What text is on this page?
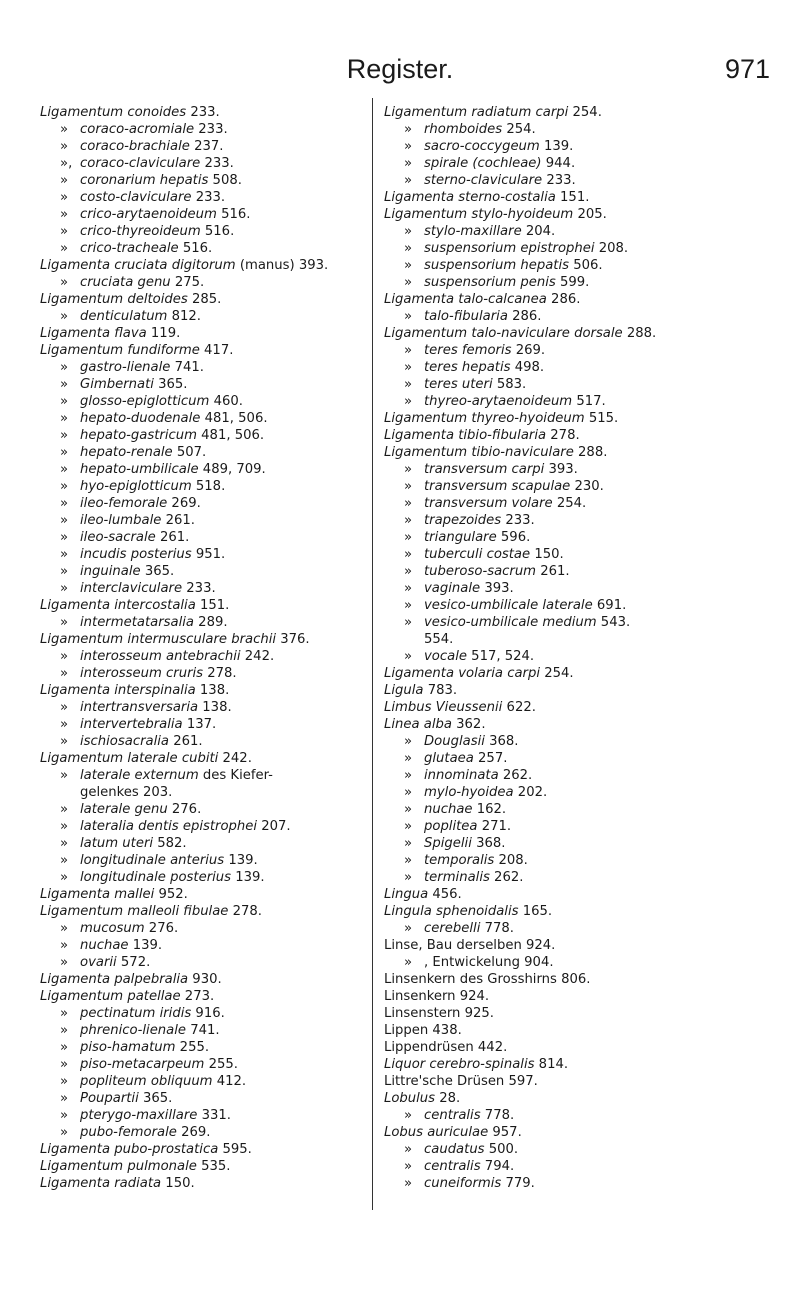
Register.	971
Ligamentum conoides 233.
» coraco-acromiale 233.
» coraco-brachiale 237.
», coraco-claviculare 233.
» coronarium hepatis 508.
» costo-claviculare 233.
» crico-arytaenoideum 516.
» crico-thyreoideum 516.
» crico-tracheale 516.
Ligamenta cruciata digitorum (manus) 393.
» cruciata genu 275.
Ligamentum deltoides 285.
» denticulatum 812.
Ligamenta flava 119.
Ligamentum fundiforme 417.
» gastro-lienale 741.
» Gimbernati 365.
» glosso-epiglotticum 460.
» hepato-duodenale 481, 506.
» hepato-gastricum 481, 506.
» hepato-renale 507.
» hepato-umbilicale 489, 709.
» hyo-epiglotticum 518.
» ileo-femorale 269.
» ileo-lumbale 261.
» ileo-sacrale 261.
» incudis posterius 951.
» inguinale 365.
» interclaviculare 233.
Ligamenta intercostalia 151.
» intermetatarsalia 289.
Ligamentum intermusculare brachii 376.
» interosseum antebrachii 242.
» interosseum cruris 278.
Ligamenta interspinalia 138.
» intertransversaria 138.
» intervertebralia 137.
» ischiosacralia 261.
Ligamentum laterale cubiti 242.
» laterale externum des Kiefer-
gelenkes 203.
» laterale genu 276.
» lateralia dentis epistrophei 207.
» latum uteri 582.
» longitudinale anterius 139.
» longitudinale posterius 139.
Ligamenta mallei 952.
Ligamentum malleoli fibulae 278.
» mucosum 276.
» nuchae 139.
» ovarii 572.
Ligamenta palpebralia 930.
Ligamentum patellae 273.
» pectinatum iridis 916.
» phrenico-lienale 741.
» piso-hamatum 255.
» piso-metacarpeum 255.
» popliteum obliquum 412.
» Poupartii 365.
» pterygo-maxillare 331.
» pubo-femorale 269.
Ligamenta pubo-prostatica 595.
Ligamentum pulmonale 535.
Ligamenta radiata 150.
Ligamentum radiatum carpi 254.
» rhomboides 254.
» sacro-coccygeum 139.
» spirale (cochleae) 944.
» sterno-claviculare 233.
Ligamenta sterno-costalia 151.
Ligamentum stylo-hyoideum 205.
» stylo-maxillare 204.
» suspensorium epistrophei 208.
» suspensorium hepatis 506.
» suspensorium penis 599.
Ligamenta talo-calcanea 286.
» talo-fibularia 286.
Ligamentum talo-naviculare dorsale 288.
» teres femoris 269.
» teres hepatis 498.
» teres uteri 583.
» thyreo-arytaenoideum 517.
Ligamentum thyreo-hyoideum 515.
Ligamenta tibio-fibularia 278.
Ligamentum tibio-naviculare 288.
» transversum carpi 393.
» transversum scapulae 230.
» transversum volare 254.
» trapezoides 233.
» triangulare 596.
» tuberculi costae 150.
» tuberoso-sacrum 261.
» vaginale 393.
» vesico-umbilicale laterale 691.
» vesico-umbilicale medium 543.
554.
» vocale 517, 524.
Ligamenta volaria carpi 254.
Ligula 783.
Limbus Vieussenii 622.
Linea alba 362.
» Douglasii 368.
» glutaea 257.
» innominata 262.
» mylo-hyoidea 202.
» nuchae 162.
» poplitea 271.
» Spigelii 368.
» temporalis 208.
» terminalis 262.
Lingua 456.
Lingula sphenoidalis 165.
» cerebelli 778.
Linse, Bau derselben 924.
» , Entwickelung 904.
Linsenkern des Grosshirns 806.
Linsenkern 924.
Linsenstern 925.
Lippen 438.
Lippendrüsen 442.
Liquor cerebro-spinalis 814.
Littre'sche Drüsen 597.
Lobulus 28.
» centralis 778.
Lobus auriculae 957.
» caudatus 500.
» centralis 794.
» cuneiformis 779.
